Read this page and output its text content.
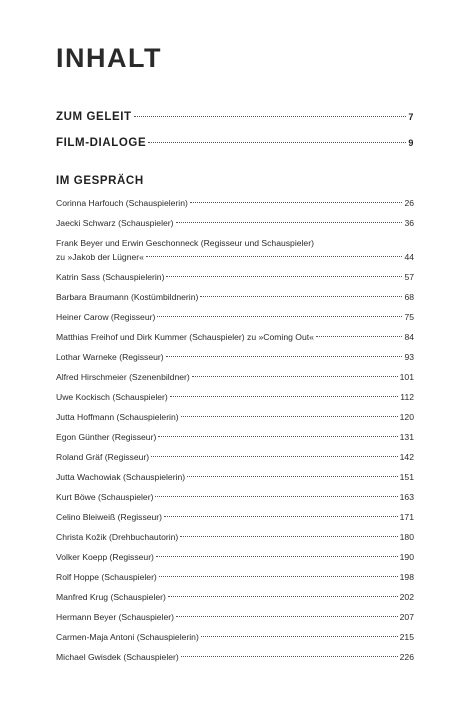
INHALT
ZUM GELEIT	7
FILM-DIALOGE	9
IM GESPRÄCH
Corinna Harfouch (Schauspielerin)	26
Jaecki Schwarz (Schauspieler)	36
Frank Beyer und Erwin Geschonneck (Regisseur und Schauspieler)
zu »Jakob der Lügner«	44
Katrin Sass (Schauspielerin)	57
Barbara Braumann (Kostümbildnerin)	68
Heiner Carow (Regisseur)	75
Matthias Freihof und Dirk Kummer (Schauspieler) zu »Coming Out«	84
Lothar Warneke (Regisseur)	93
Alfred Hirschmeier (Szenenbildner)	101
Uwe Kockisch (Schauspieler)	112
Jutta Hoffmann (Schauspielerin)	120
Egon Günther (Regisseur)	131
Roland Gräf (Regisseur)	142
Jutta Wachowiak (Schauspielerin)	151
Kurt Böwe (Schauspieler)	163
Celino Bleiweiß (Regisseur)	171
Christa Kožik (Drehbuchautorin)	180
Volker Koepp (Regisseur)	190
Rolf Hoppe (Schauspieler)	198
Manfred Krug (Schauspieler)	202
Hermann Beyer (Schauspieler)	207
Carmen-Maja Antoni (Schauspielerin)	215
Michael Gwisdek (Schauspieler)	226
